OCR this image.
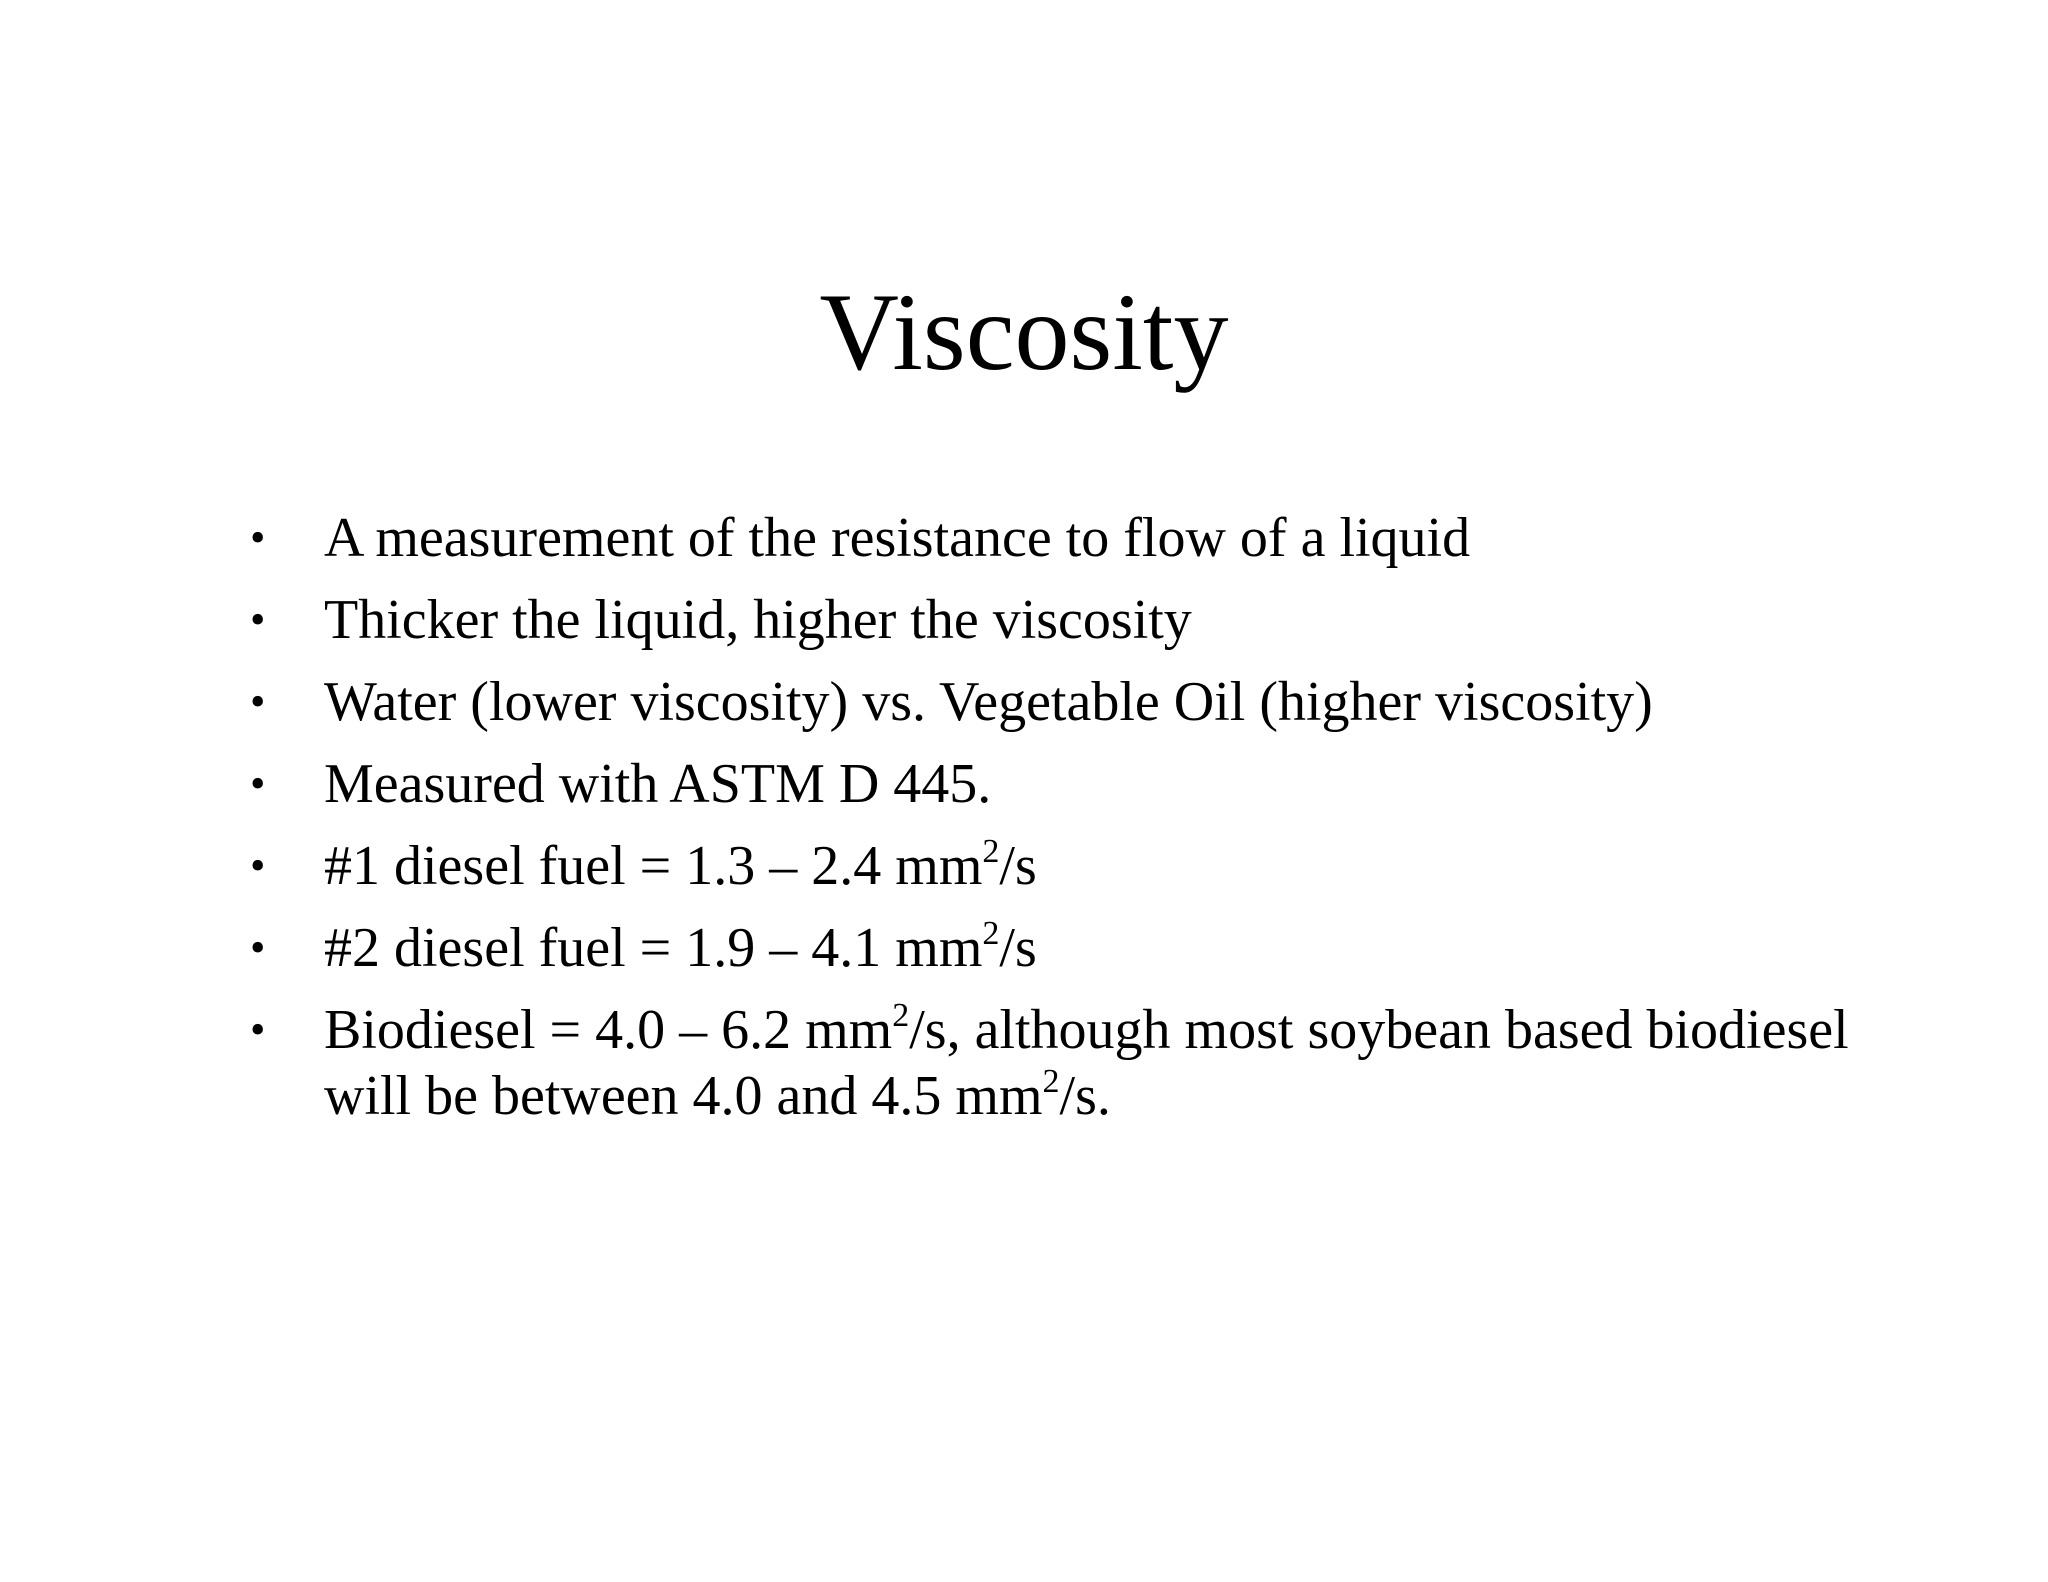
Viscosity
•	A measurement of the resistance to flow of a liquid
•	Thicker the liquid, higher the viscosity
•	Water (lower viscosity) vs. Vegetable Oil (higher viscosity)
•	Measured with ASTM D 445.
•	#1 diesel fuel = 1.3 – 2.4 $mm^2/s$
•	#2 diesel fuel = 1.9 – 4.1 $mm^2/s$
•	Biodiesel = 4.0 – 6.2 $mm^2/s$, although most soybean based biodiesel will be between 4.0 and 4.5 $mm^2/s$.
